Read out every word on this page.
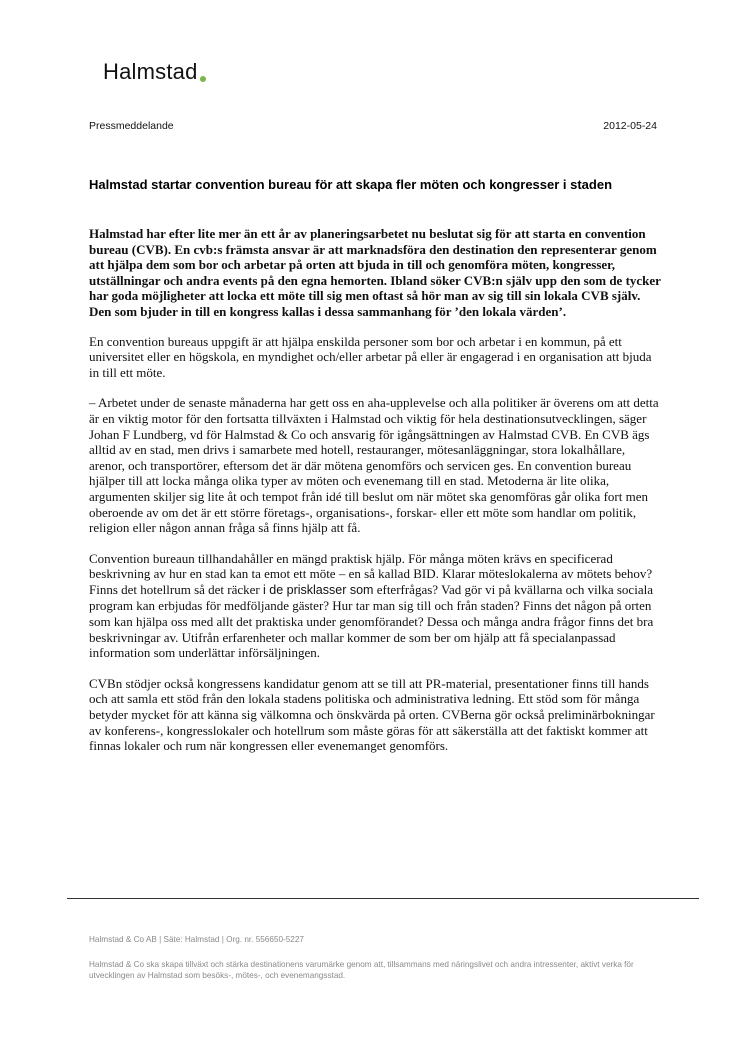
Halmstad
Pressmeddelande	2012-05-24
Halmstad startar convention bureau för att skapa fler möten och kongresser i staden

Halmstad har efter lite mer än ett år av planeringsarbetet nu beslutat sig för att starta en convention bureau (CVB). En cvb:s främsta ansvar är att marknadsföra den destination den representerar genom att hjälpa dem som bor och arbetar på orten att bjuda in till och genomföra möten, kongresser, utställningar och andra events på den egna hemorten. Ibland söker CVB:n själv upp den som de tycker har goda möjligheter att locka ett möte till sig men oftast så hör man av sig till sin lokala CVB själv. Den som bjuder in till en kongress kallas i dessa sammanhang för ’den lokala värden’.

En convention bureaus uppgift är att hjälpa enskilda personer som bor och arbetar i en kommun, på ett universitet eller en högskola, en myndighet och/eller arbetar på eller är engagerad i en organisation att bjuda in till ett möte.

– Arbetet under de senaste månaderna har gett oss en aha-upplevelse och alla politiker är överens om att detta är en viktig motor för den fortsatta tillväxten i Halmstad och viktig för hela destinationsutvecklingen, säger Johan F Lundberg, vd för Halmstad & Co och ansvarig för igångsättningen av Halmstad CVB. En CVB ägs alltid av en stad, men drivs i samarbete med hotell, restauranger, mötesanläggningar, stora lokalhållare, arenor, och transportörer, eftersom det är där mötena genomförs och servicen ges. En convention bureau hjälper till att locka många olika typer av möten och evenemang till en stad. Metoderna är lite olika, argumenten skiljer sig lite åt och tempot från idé till beslut om när mötet ska genomföras går olika fort men oberoende av om det är ett större företags-, organisations-, forskar- eller ett möte som handlar om politik, religion eller någon annan fråga så finns hjälp att få.

Convention bureaun tillhandahåller en mängd praktisk hjälp. För många möten krävs en specificerad beskrivning av hur en stad kan ta emot ett möte – en så kallad BID. Klarar möteslokalerna av mötets behov? Finns det hotellrum så det räcker i de prisklasser som efterfrågas? Vad gör vi på kvällarna och vilka sociala program kan erbjudas för medföljande gäster? Hur tar man sig till och från staden? Finns det någon på orten som kan hjälpa oss med allt det praktiska under genomförandet? Dessa och många andra frågor finns det bra beskrivningar av. Utifrån erfarenheter och mallar kommer de som ber om hjälp att få specialanpassad information som underlättar införsäljningen.

CVBn stödjer också kongressens kandidatur genom att se till att PR-material, presentationer finns till hands och att samla ett stöd från den lokala stadens politiska och administrativa ledning. Ett stöd som för många betyder mycket för att känna sig välkomna och önskvärda på orten. CVBerna gör också preliminärbokningar av konferens-, kongresslokaler och hotellrum som måste göras för att säkerställa att det faktiskt kommer att finnas lokaler och rum när kongressen eller evenemanget genomförs.

Halmstad & Co AB | Säte: Halmstad | Org. nr. 556650-5227
Halmstad & Co ska skapa tillväxt och stärka destinationens varumärke genom att, tillsammans med näringslivet och andra intressenter, aktivt verka för utvecklingen av Halmstad som besöks-, mötes-, och evenemangsstad.
